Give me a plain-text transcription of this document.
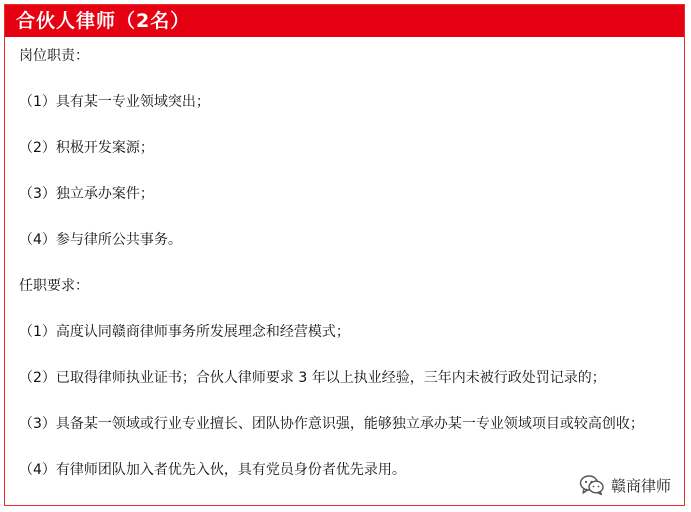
合伙人律师（2名）

岗位职责：

（1）具有某一专业领域突出；

（2）积极开发案源；

（3）独立承办案件；

（4）参与律所公共事务。

任职要求：

（1）高度认同赣商律师事务所发展理念和经营模式；

（2）已取得律师执业证书；合伙人律师要求 3 年以上执业经验，三年内未被行政处罚记录的；

（3）具备某一领域或行业专业擅长、团队协作意识强，能够独立承办某一专业领域项目或较高创收；

（4）有律师团队加入者优先入伙，具有党员身份者优先录用。

赣商律师
